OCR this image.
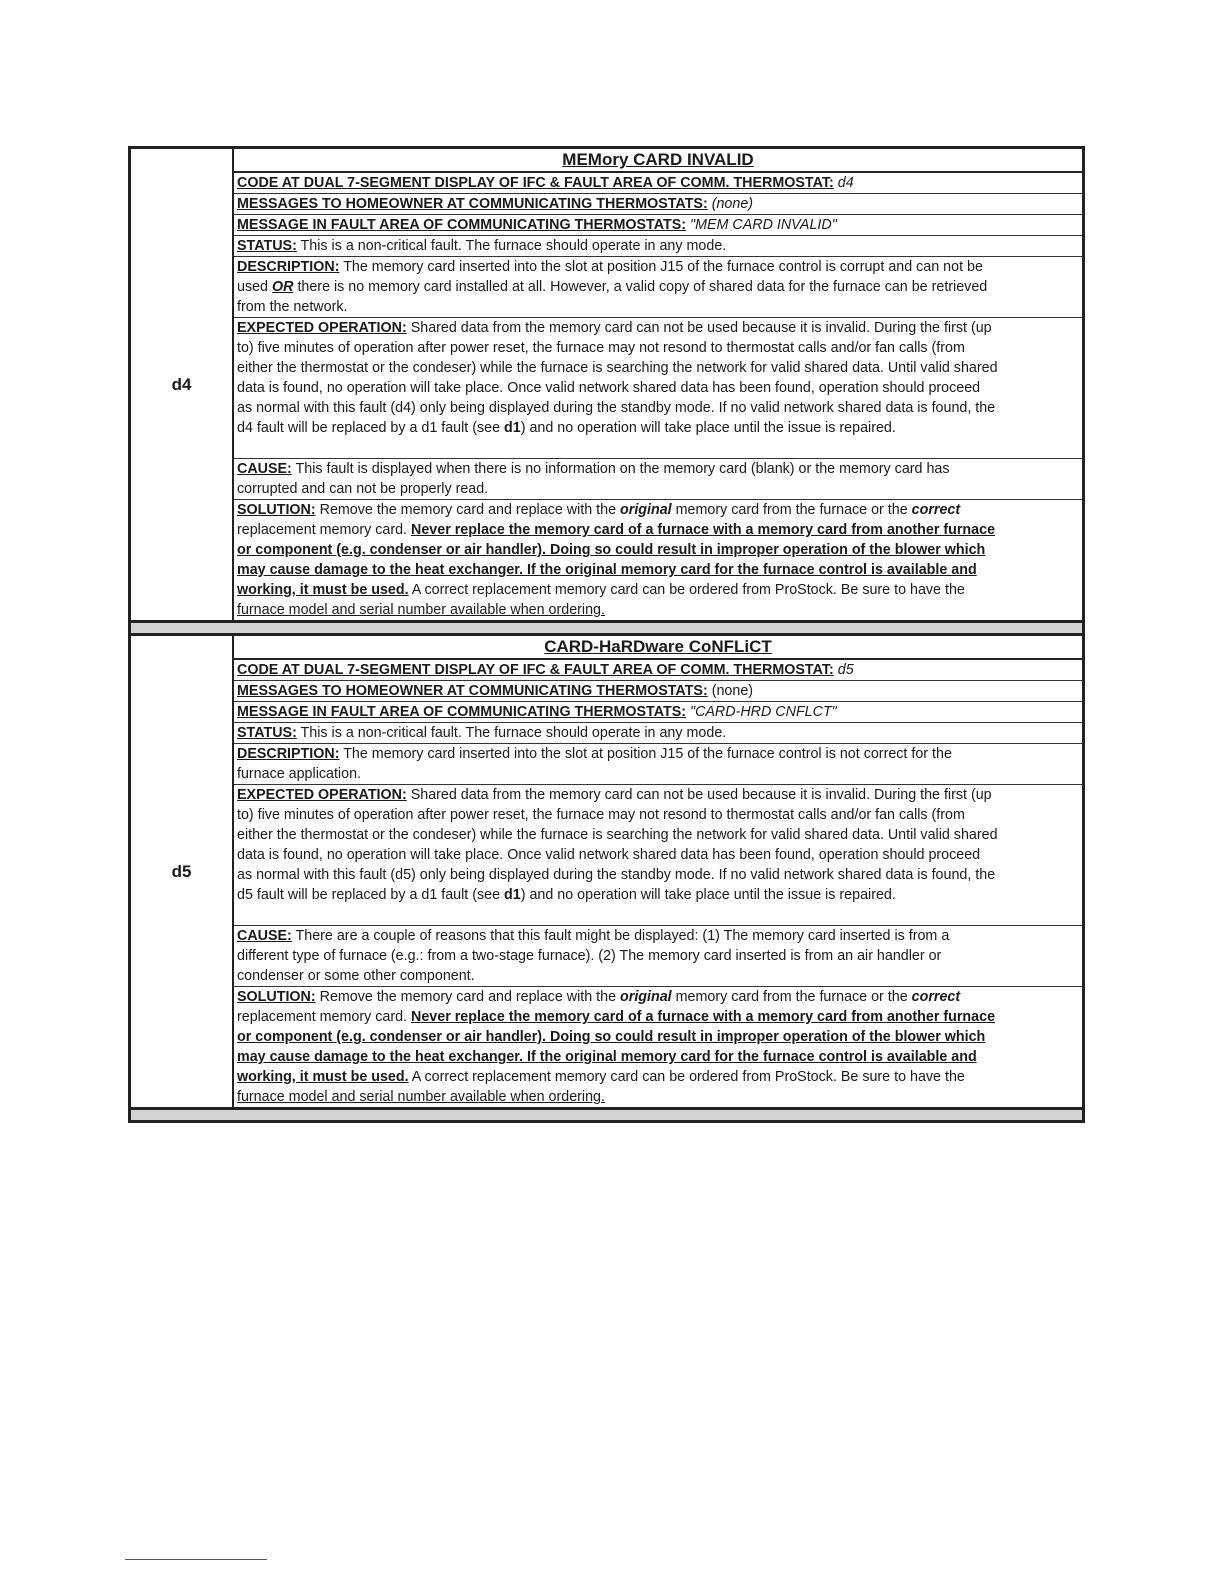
d4
MEMory CARD INVALID
CODE AT DUAL 7-SEGMENT DISPLAY OF IFC & FAULT AREA OF COMM. THERMOSTAT: d4
MESSAGES TO HOMEOWNER AT COMMUNICATING THERMOSTATS: (none)
MESSAGE IN FAULT AREA OF COMMUNICATING THERMOSTATS: "MEM CARD INVALID"
STATUS: This is a non-critical fault. The furnace should operate in any mode.
DESCRIPTION: The memory card inserted into the slot at position J15 of the furnace control is corrupt and can not be
used OR there is no memory card installed at all. However, a valid copy of shared data for the furnace can be retrieved
from the network.
EXPECTED OPERATION: Shared data from the memory card can not be used because it is invalid. During the first (up
to) five minutes of operation after power reset, the furnace may not resond to thermostat calls and/or fan calls (from
either the thermostat or the condeser) while the furnace is searching the network for valid shared data. Until valid shared
data is found, no operation will take place. Once valid network shared data has been found, operation should proceed
as normal with this fault (d4) only being displayed during the standby mode. If no valid network shared data is found, the
d4 fault will be replaced by a d1 fault (see d1) and no operation will take place until the issue is repaired.
CAUSE: This fault is displayed when there is no information on the memory card (blank) or the memory card has
corrupted and can not be properly read.
SOLUTION: Remove the memory card and replace with the original memory card from the furnace or the correct
replacement memory card. Never replace the memory card of a furnace with a memory card from another furnace
or component (e.g. condenser or air handler). Doing so could result in improper operation of the blower which
may cause damage to the heat exchanger. If the original memory card for the furnace control is available and
working, it must be used. A correct replacement memory card can be ordered from ProStock. Be sure to have the
furnace model and serial number available when ordering.
d5
CARD-HaRDware CoNFLiCT
CODE AT DUAL 7-SEGMENT DISPLAY OF IFC & FAULT AREA OF COMM. THERMOSTAT: d5
MESSAGES TO HOMEOWNER AT COMMUNICATING THERMOSTATS: (none)
MESSAGE IN FAULT AREA OF COMMUNICATING THERMOSTATS: "CARD-HRD CNFLCT"
STATUS: This is a non-critical fault. The furnace should operate in any mode.
DESCRIPTION: The memory card inserted into the slot at position J15 of the furnace control is not correct for the
furnace application.
EXPECTED OPERATION: Shared data from the memory card can not be used because it is invalid. During the first (up
to) five minutes of operation after power reset, the furnace may not resond to thermostat calls and/or fan calls (from
either the thermostat or the condeser) while the furnace is searching the network for valid shared data. Until valid shared
data is found, no operation will take place. Once valid network shared data has been found, operation should proceed
as normal with this fault (d5) only being displayed during the standby mode. If no valid network shared data is found, the
d5 fault will be replaced by a d1 fault (see d1) and no operation will take place until the issue is repaired.
CAUSE: There are a couple of reasons that this fault might be displayed: (1) The memory card inserted is from a
different type of furnace (e.g.: from a two-stage furnace). (2) The memory card inserted is from an air handler or
condenser or some other component.
SOLUTION: Remove the memory card and replace with the original memory card from the furnace or the correct
replacement memory card. Never replace the memory card of a furnace with a memory card from another furnace
or component (e.g. condenser or air handler). Doing so could result in improper operation of the blower which
may cause damage to the heat exchanger. If the original memory card for the furnace control is available and
working, it must be used. A correct replacement memory card can be ordered from ProStock. Be sure to have the
furnace model and serial number available when ordering.
